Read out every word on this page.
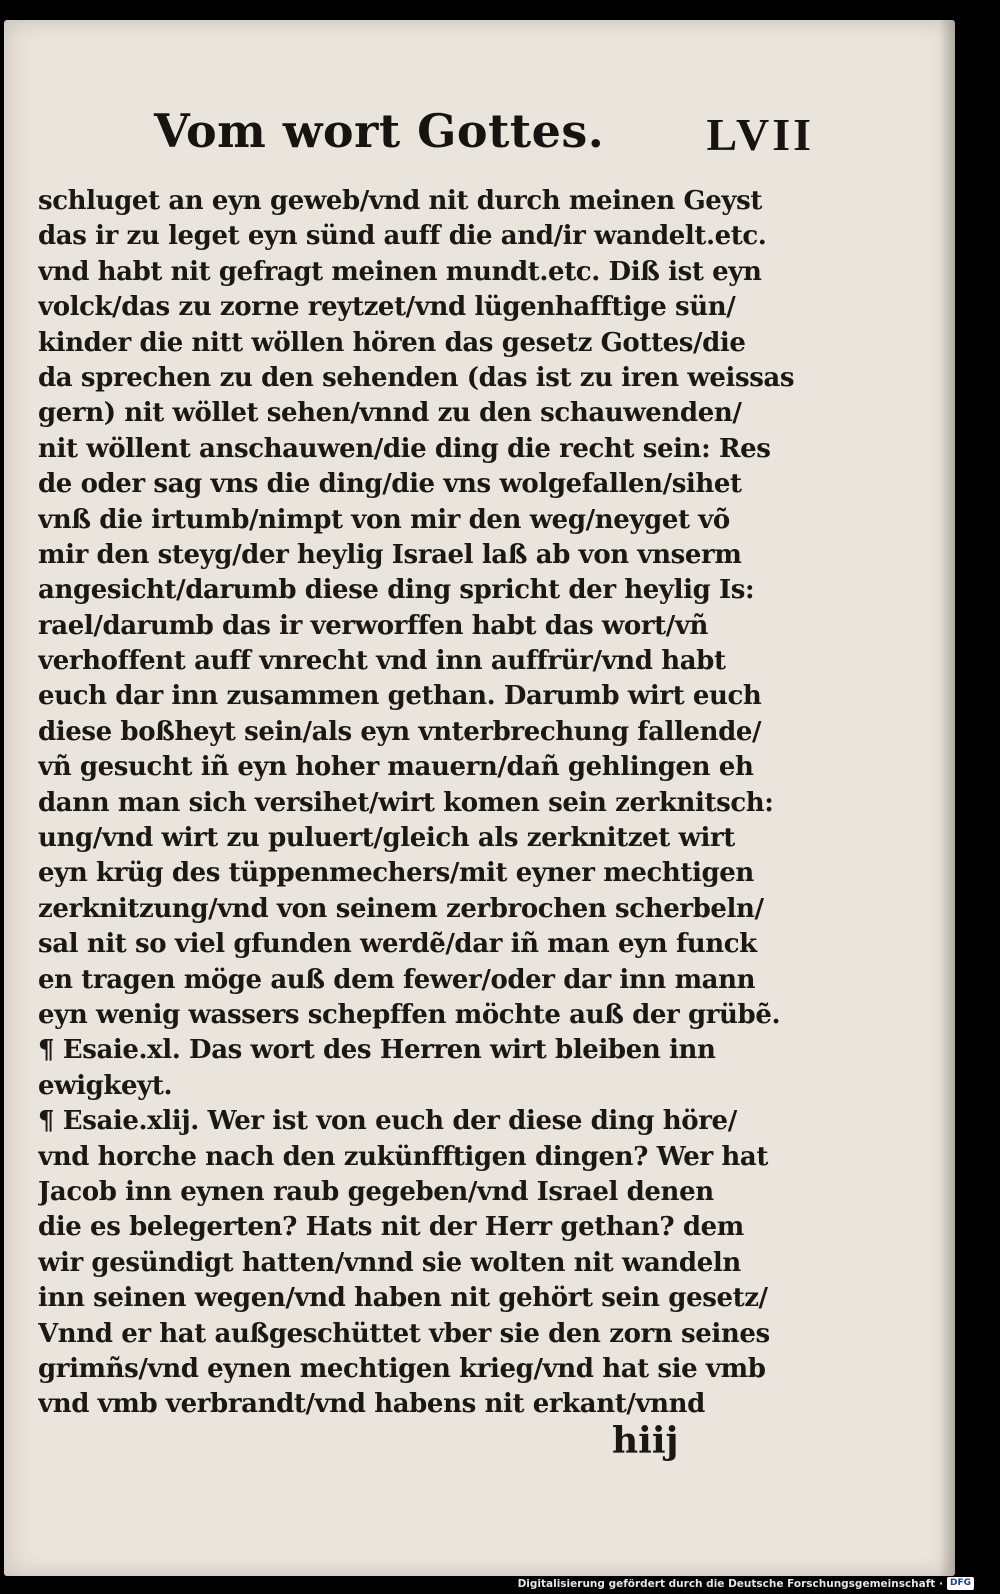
Vom wort Gottes. LVII
schluget an eyn geweb/vnd nit durch meinen Geyst
das ir zu leget eyn sünd auff die and/ir wandelt.etc.
vnd habt nit gefragt meinen mundt.etc. Diß ist eyn
volck/das zu zorne reytzet/vnd lügenhafftige sün/
kinder die nitt wöllen hören das gesetz Gottes/die
da sprechen zu den sehenden (das ist zu iren weissas
gern) nit wöllet sehen/vnnd zu den schauwenden/
nit wöllent anschauwen/die ding die recht sein: Res
de oder sag vns die ding/die vns wolgefallen/sihet
vnß die irtumb/nimpt von mir den weg/neyget võ
mir den steyg/der heylig Israel laß ab von vnserm
angesicht/darumb diese ding spricht der heylig Is:
rael/darumb das ir verworffen habt das wort/vñ
verhoffent auff vnrecht vnd inn auffrür/vnd habt
euch dar inn zusammen gethan. Darumb wirt euch
diese boßheyt sein/als eyn vnterbrechung fallende/
vñ gesucht iñ eyn hoher mauern/dañ gehlingen eh
dann man sich versihet/wirt komen sein zerknitsch:
ung/vnd wirt zu puluert/gleich als zerknitzet wirt
eyn krüg des tüppenmechers/mit eyner mechtigen
zerknitzung/vnd von seinem zerbrochen scherbeln/
sal nit so viel gfunden werdẽ/dar iñ man eyn funck
en tragen möge auß dem fewer/oder dar inn mann
eyn wenig wassers schepffen möchte auß der grübẽ.
¶ Esaie.xl. Das wort des Herren wirt bleiben inn
ewigkeyt.
¶ Esaie.xlij. Wer ist von euch der diese ding höre/
vnd horche nach den zukünfftigen dingen? Wer hat
Jacob inn eynen raub gegeben/vnd Israel denen
die es belegerten? Hats nit der Herr gethan? dem
wir gesündigt hatten/vnnd sie wolten nit wandeln
inn seinen wegen/vnd haben nit gehört sein gesetz/
Vnnd er hat außgeschüttet vber sie den zorn seines
grimñs/vnd eynen mechtigen krieg/vnd hat sie vmb
vnd vmb verbrandt/vnd habens nit erkant/vnnd
hiij
Digitalisierung gefördert durch die Deutsche Forschungsgemeinschaft · DFG
